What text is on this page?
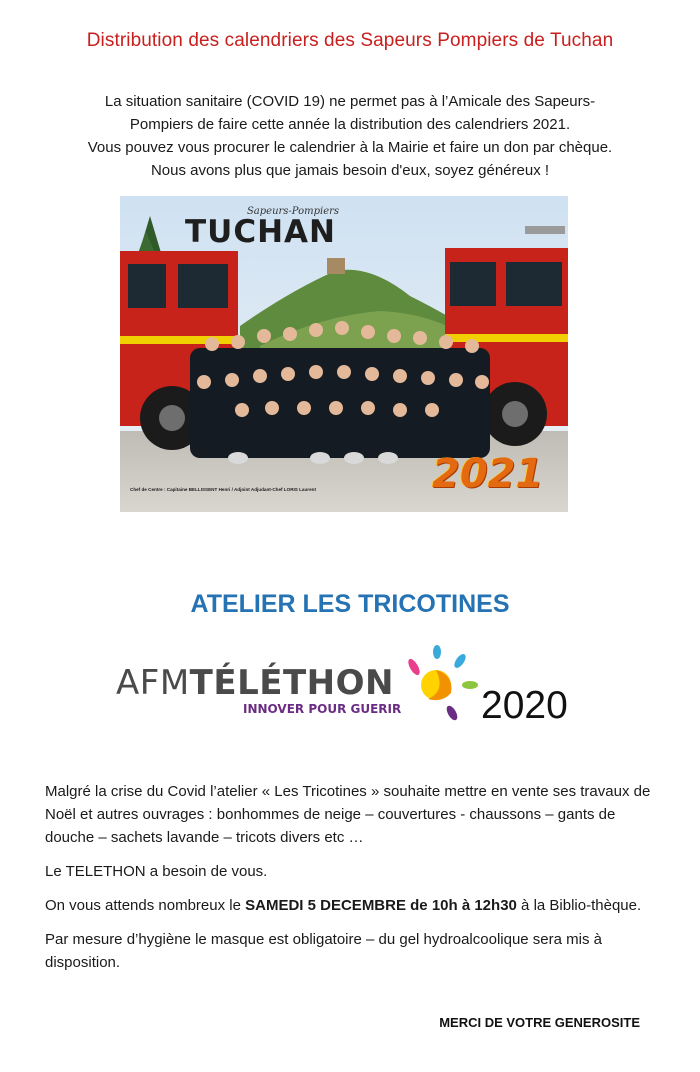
Distribution des calendriers des Sapeurs Pompiers de Tuchan
La situation sanitaire (COVID 19) ne permet pas à l’Amicale des Sapeurs-
Pompiers de faire cette année la distribution des calendriers 2021.
Vous pouvez vous procurer le calendrier à la Mairie et faire un don par chèque.
Nous avons plus que jamais besoin d'eux, soyez généreux !
Sapeurs-Pompiers
TUCHAN
2021
Chef de Centre : Capitaine BELLISSENT Henri / Adjoint Adjudant-Chef LORIS Laurent
ATELIER LES TRICOTINES
AFMTÉLÉTHON
INNOVER POUR GUERIR 2020

Malgré la crise du Covid l’atelier « Les Tricotines » souhaite mettre en vente ses travaux de Noël et autres ouvrages : bonhommes de neige – couvertures - chaussons – gants de douche – sachets lavande – tricots divers etc …

Le TELETHON a besoin de vous.

On vous attends nombreux le SAMEDI 5 DECEMBRE de 10h à 12h30 à la Biblio-thèque.

Par mesure d’hygiène le masque est obligatoire – du gel hydroalcoolique sera mis à disposition.

MERCI DE VOTRE GENEROSITE
